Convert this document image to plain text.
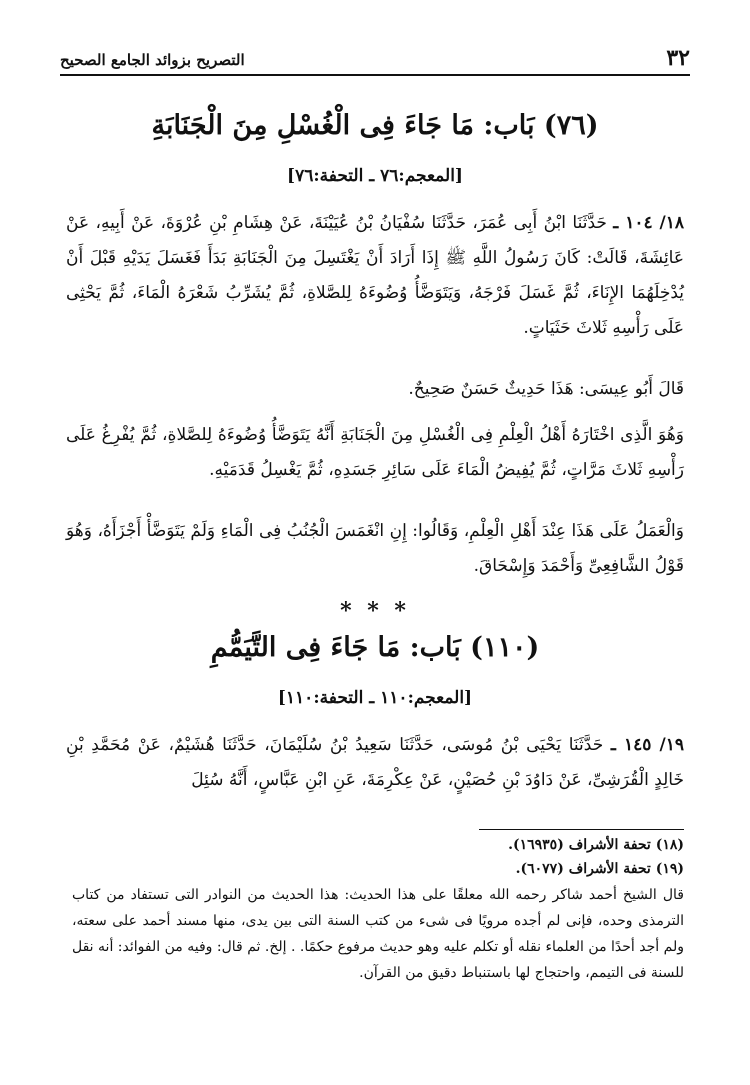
٣٢
التصريح بزوائد الجامع الصحيح
(٧٦) بَاب: مَا جَاءَ فِى الْغُسْلِ مِنَ الْجَنَابَةِ
[المعجم:٧٦ ـ التحفة:٧٦]
١٨/ ١٠٤ ـ حَدَّثَنَا ابْنُ أَبِى عُمَرَ، حَدَّثَنَا سُفْيَانُ بْنُ عُيَيْنَةَ، عَنْ هِشَامِ بْنِ عُرْوَةَ، عَنْ أَبِيهِ، عَنْ عَائِشَةَ، قَالَتْ: كَانَ رَسُولُ اللَّهِ ﷺ إِذَا أَرَادَ أَنْ يَغْتَسِلَ مِنَ الْجَنَابَةِ بَدَأَ فَغَسَلَ يَدَيْهِ قَبْلَ أَنْ يُدْخِلَهُمَا الإِنَاءَ، ثُمَّ غَسَلَ فَرْجَهُ، وَيَتَوَضَّأُ وُضُوءَهُ لِلصَّلاةِ، ثُمَّ يُشَرِّبُ شَعْرَهُ الْمَاءَ، ثُمَّ يَحْثِى عَلَى رَأْسِهِ ثَلاثَ حَثَيَاتٍ.
قَالَ أَبُو عِيسَى: هَذَا حَدِيثٌ حَسَنٌ صَحِيحٌ.
وَهُوَ الَّذِى اخْتَارَهُ أَهْلُ الْعِلْمِ فِى الْغُسْلِ مِنَ الْجَنَابَةِ أَنَّهُ يَتَوَضَّأُ وُضُوءَهُ لِلصَّلاةِ، ثُمَّ يُفْرِغُ عَلَى رَأْسِهِ ثَلاثَ مَرَّاتٍ، ثُمَّ يُفِيضُ الْمَاءَ عَلَى سَائِرِ جَسَدِهِ، ثُمَّ يَغْسِلُ قَدَمَيْهِ.
وَالْعَمَلُ عَلَى هَذَا عِنْدَ أَهْلِ الْعِلْمِ، وَقَالُوا: إِنِ انْغَمَسَ الْجُنُبُ فِى الْمَاءِ وَلَمْ يَتَوَضَّأْ أَجْزَأَهُ، وَهُوَ قَوْلُ الشَّافِعِىِّ وَأَحْمَدَ وَإِسْحَاقَ.
* * *
(١١٠) بَاب: مَا جَاءَ فِى التَّيَمُّمِ
[المعجم:١١٠ ـ التحفة:١١٠]
١٩/ ١٤٥ ـ حَدَّثَنَا يَحْيَى بْنُ مُوسَى، حَدَّثَنَا سَعِيدُ بْنُ سُلَيْمَانَ، حَدَّثَنَا هُشَيْمٌ، عَنْ مُحَمَّدِ بْنِ خَالِدٍ الْقُرَشِىِّ، عَنْ دَاوُدَ بْنِ حُصَيْنٍ، عَنْ عِكْرِمَةَ، عَنِ ابْنِ عَبَّاسٍ، أَنَّهُ سُئِلَ
(١٨) تحفة الأشراف (١٦٩٣٥).
(١٩) تحفة الأشراف (٦٠٧٧).
قال الشيخ أحمد شاكر رحمه الله معلقًا على هذا الحديث: هذا الحديث من النوادر التى تستفاد من كتاب الترمذى وحده، فإنى لم أجده مرويًا فى شىء من كتب السنة التى بين يدى، منها مسند أحمد على سعته، ولم أجد أحدًا من العلماء نقله أو تكلم عليه وهو حديث مرفوع حكمًا. . إلخ. ثم قال: وفيه من الفوائد: أنه نقل للسنة فى التيمم، واحتجاج لها باستنباط دقيق من القرآن.
